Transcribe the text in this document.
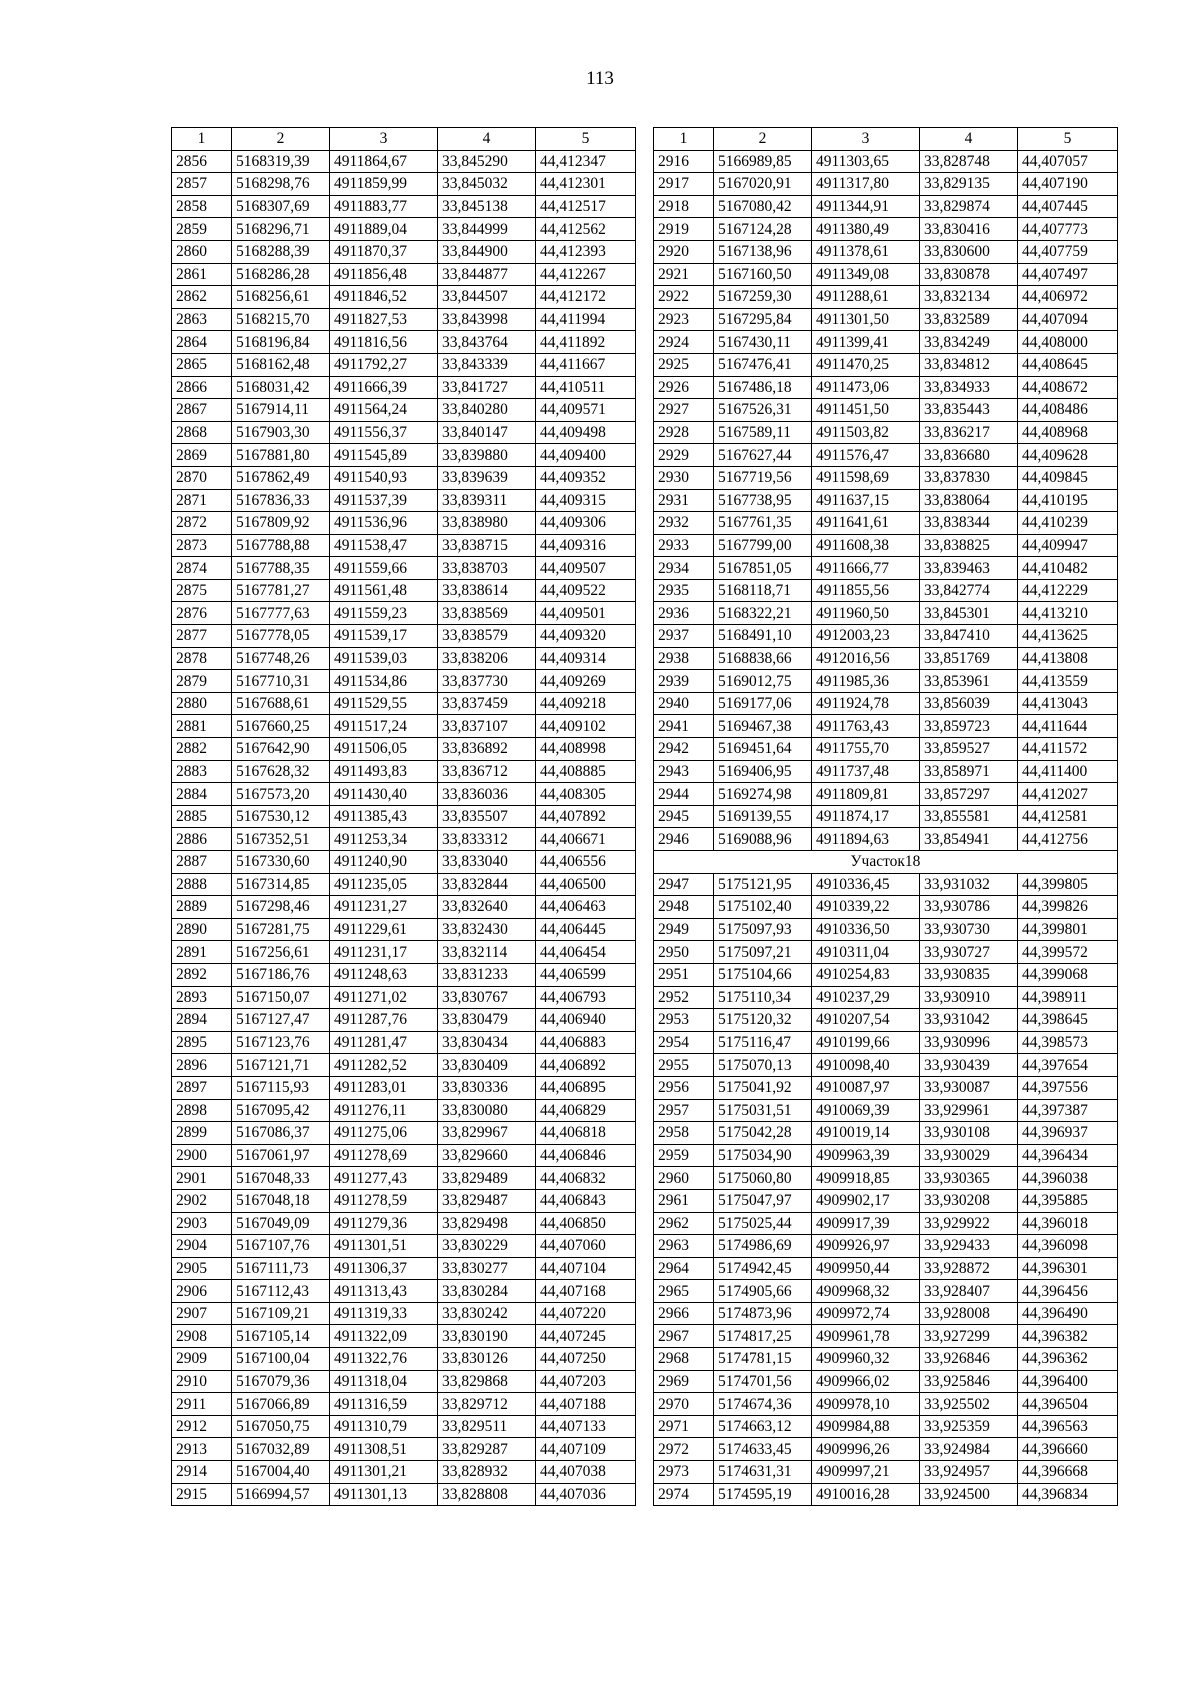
113
1	2	3	4	5
2856	5168319,39	4911864,67	33,845290	44,412347
2857	5168298,76	4911859,99	33,845032	44,412301
2858	5168307,69	4911883,77	33,845138	44,412517
2859	5168296,71	4911889,04	33,844999	44,412562
2860	5168288,39	4911870,37	33,844900	44,412393
2861	5168286,28	4911856,48	33,844877	44,412267
2862	5168256,61	4911846,52	33,844507	44,412172
2863	5168215,70	4911827,53	33,843998	44,411994
2864	5168196,84	4911816,56	33,843764	44,411892
2865	5168162,48	4911792,27	33,843339	44,411667
2866	5168031,42	4911666,39	33,841727	44,410511
2867	5167914,11	4911564,24	33,840280	44,409571
2868	5167903,30	4911556,37	33,840147	44,409498
2869	5167881,80	4911545,89	33,839880	44,409400
2870	5167862,49	4911540,93	33,839639	44,409352
2871	5167836,33	4911537,39	33,839311	44,409315
2872	5167809,92	4911536,96	33,838980	44,409306
2873	5167788,88	4911538,47	33,838715	44,409316
2874	5167788,35	4911559,66	33,838703	44,409507
2875	5167781,27	4911561,48	33,838614	44,409522
2876	5167777,63	4911559,23	33,838569	44,409501
2877	5167778,05	4911539,17	33,838579	44,409320
2878	5167748,26	4911539,03	33,838206	44,409314
2879	5167710,31	4911534,86	33,837730	44,409269
2880	5167688,61	4911529,55	33,837459	44,409218
2881	5167660,25	4911517,24	33,837107	44,409102
2882	5167642,90	4911506,05	33,836892	44,408998
2883	5167628,32	4911493,83	33,836712	44,408885
2884	5167573,20	4911430,40	33,836036	44,408305
2885	5167530,12	4911385,43	33,835507	44,407892
2886	5167352,51	4911253,34	33,833312	44,406671
2887	5167330,60	4911240,90	33,833040	44,406556
2888	5167314,85	4911235,05	33,832844	44,406500
2889	5167298,46	4911231,27	33,832640	44,406463
2890	5167281,75	4911229,61	33,832430	44,406445
2891	5167256,61	4911231,17	33,832114	44,406454
2892	5167186,76	4911248,63	33,831233	44,406599
2893	5167150,07	4911271,02	33,830767	44,406793
2894	5167127,47	4911287,76	33,830479	44,406940
2895	5167123,76	4911281,47	33,830434	44,406883
2896	5167121,71	4911282,52	33,830409	44,406892
2897	5167115,93	4911283,01	33,830336	44,406895
2898	5167095,42	4911276,11	33,830080	44,406829
2899	5167086,37	4911275,06	33,829967	44,406818
2900	5167061,97	4911278,69	33,829660	44,406846
2901	5167048,33	4911277,43	33,829489	44,406832
2902	5167048,18	4911278,59	33,829487	44,406843
2903	5167049,09	4911279,36	33,829498	44,406850
2904	5167107,76	4911301,51	33,830229	44,407060
2905	5167111,73	4911306,37	33,830277	44,407104
2906	5167112,43	4911313,43	33,830284	44,407168
2907	5167109,21	4911319,33	33,830242	44,407220
2908	5167105,14	4911322,09	33,830190	44,407245
2909	5167100,04	4911322,76	33,830126	44,407250
2910	5167079,36	4911318,04	33,829868	44,407203
2911	5167066,89	4911316,59	33,829712	44,407188
2912	5167050,75	4911310,79	33,829511	44,407133
2913	5167032,89	4911308,51	33,829287	44,407109
2914	5167004,40	4911301,21	33,828932	44,407038
2915	5166994,57	4911301,13	33,828808	44,407036
1	2	3	4	5
2916	5166989,85	4911303,65	33,828748	44,407057
2917	5167020,91	4911317,80	33,829135	44,407190
2918	5167080,42	4911344,91	33,829874	44,407445
2919	5167124,28	4911380,49	33,830416	44,407773
2920	5167138,96	4911378,61	33,830600	44,407759
2921	5167160,50	4911349,08	33,830878	44,407497
2922	5167259,30	4911288,61	33,832134	44,406972
2923	5167295,84	4911301,50	33,832589	44,407094
2924	5167430,11	4911399,41	33,834249	44,408000
2925	5167476,41	4911470,25	33,834812	44,408645
2926	5167486,18	4911473,06	33,834933	44,408672
2927	5167526,31	4911451,50	33,835443	44,408486
2928	5167589,11	4911503,82	33,836217	44,408968
2929	5167627,44	4911576,47	33,836680	44,409628
2930	5167719,56	4911598,69	33,837830	44,409845
2931	5167738,95	4911637,15	33,838064	44,410195
2932	5167761,35	4911641,61	33,838344	44,410239
2933	5167799,00	4911608,38	33,838825	44,409947
2934	5167851,05	4911666,77	33,839463	44,410482
2935	5168118,71	4911855,56	33,842774	44,412229
2936	5168322,21	4911960,50	33,845301	44,413210
2937	5168491,10	4912003,23	33,847410	44,413625
2938	5168838,66	4912016,56	33,851769	44,413808
2939	5169012,75	4911985,36	33,853961	44,413559
2940	5169177,06	4911924,78	33,856039	44,413043
2941	5169467,38	4911763,43	33,859723	44,411644
2942	5169451,64	4911755,70	33,859527	44,411572
2943	5169406,95	4911737,48	33,858971	44,411400
2944	5169274,98	4911809,81	33,857297	44,412027
2945	5169139,55	4911874,17	33,855581	44,412581
2946	5169088,96	4911894,63	33,854941	44,412756
Участок18				
2947	5175121,95	4910336,45	33,931032	44,399805
2948	5175102,40	4910339,22	33,930786	44,399826
2949	5175097,93	4910336,50	33,930730	44,399801
2950	5175097,21	4910311,04	33,930727	44,399572
2951	5175104,66	4910254,83	33,930835	44,399068
2952	5175110,34	4910237,29	33,930910	44,398911
2953	5175120,32	4910207,54	33,931042	44,398645
2954	5175116,47	4910199,66	33,930996	44,398573
2955	5175070,13	4910098,40	33,930439	44,397654
2956	5175041,92	4910087,97	33,930087	44,397556
2957	5175031,51	4910069,39	33,929961	44,397387
2958	5175042,28	4910019,14	33,930108	44,396937
2959	5175034,90	4909963,39	33,930029	44,396434
2960	5175060,80	4909918,85	33,930365	44,396038
2961	5175047,97	4909902,17	33,930208	44,395885
2962	5175025,44	4909917,39	33,929922	44,396018
2963	5174986,69	4909926,97	33,929433	44,396098
2964	5174942,45	4909950,44	33,928872	44,396301
2965	5174905,66	4909968,32	33,928407	44,396456
2966	5174873,96	4909972,74	33,928008	44,396490
2967	5174817,25	4909961,78	33,927299	44,396382
2968	5174781,15	4909960,32	33,926846	44,396362
2969	5174701,56	4909966,02	33,925846	44,396400
2970	5174674,36	4909978,10	33,925502	44,396504
2971	5174663,12	4909984,88	33,925359	44,396563
2972	5174633,45	4909996,26	33,924984	44,396660
2973	5174631,31	4909997,21	33,924957	44,396668
2974	5174595,19	4910016,28	33,924500	44,396834
